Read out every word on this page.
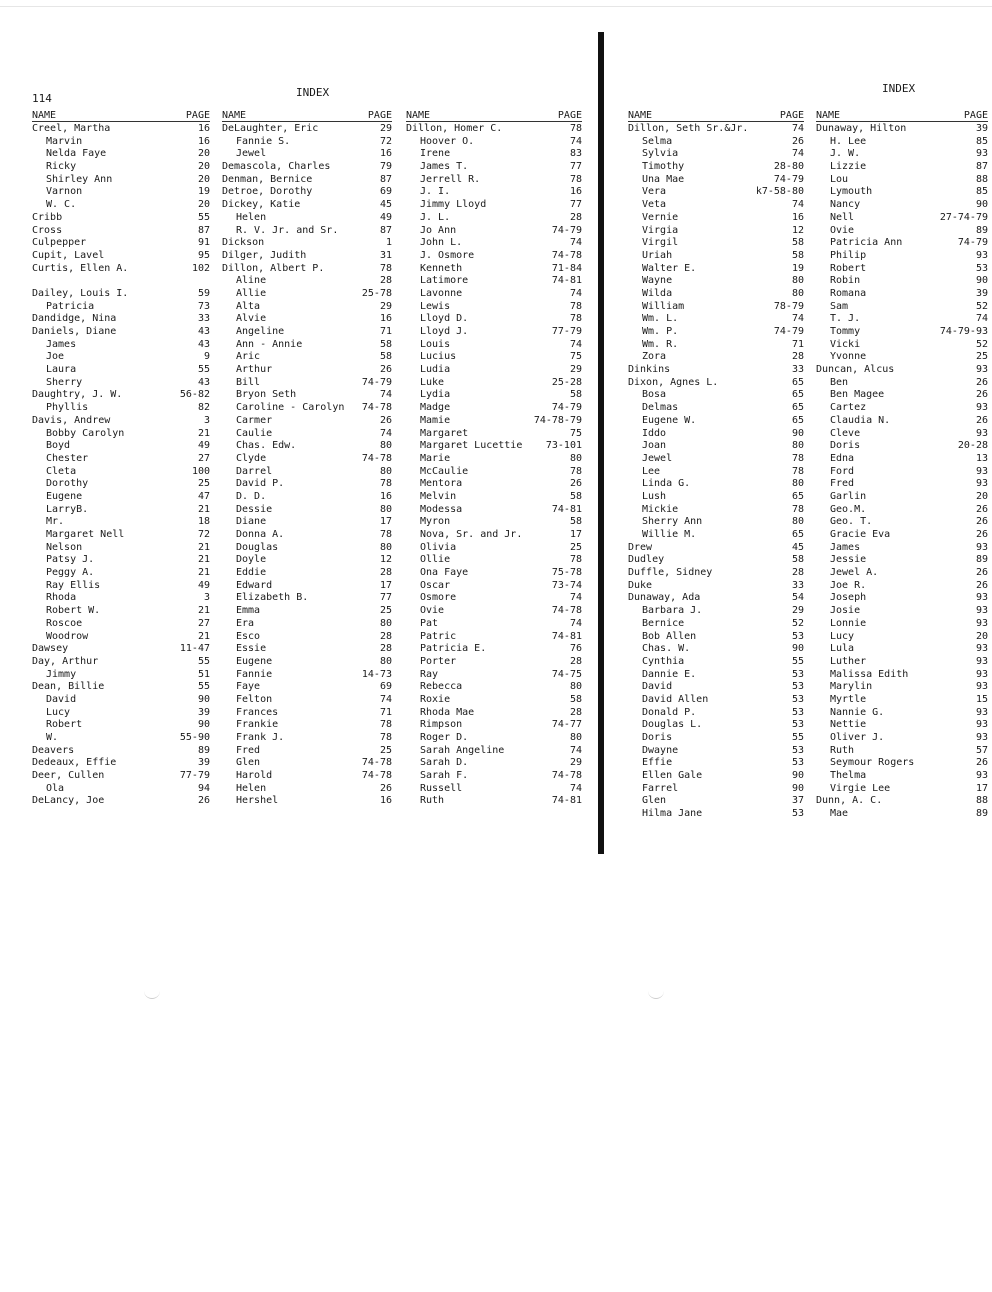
114	INDEX	INDEX
NAME	PAGE
Creel, Martha	16
Marvin	16
Nelda Faye	20
Ricky	20
Shirley Ann	20
Varnon	19
W. C.	20
Cribb	55
Cross	87
Culpepper	91
Cupit, Lavel	95
Curtis, Ellen A.	102
Dailey, Louis I.	59
Patricia	73
Dandidge, Nina	33
Daniels, Diane	43
James	43
Joe	9
Laura	55
Sherry	43
Daughtry, J. W.	56-82
Phyllis	82
Davis, Andrew	3
Bobby Carolyn	21
Boyd	49
Chester	27
Cleta	100
Dorothy	25
Eugene	47
LarryB.	21
Mr.	18
Margaret Nell	72
Nelson	21
Patsy J.	21
Peggy A.	21
Ray Ellis	49
Rhoda	3
Robert W.	21
Roscoe	27
Woodrow	21
Dawsey	11-47
Day, Arthur	55
Jimmy	51
Dean, Billie	55
David	90
Lucy	39
Robert	90
W.	55-90
Deavers	89
Dedeaux, Effie	39
Deer, Cullen	77-79
Ola	94
DeLancy, Joe	26
NAME	PAGE
DeLaughter, Eric	29
Fannie S.	72
Jewel	16
Demascola, Charles	79
Denman, Bernice	87
Detroe, Dorothy	69
Dickey, Katie	45
Helen	49
R. V. Jr. and Sr.	87
Dickson	1
Dilger, Judith	31
Dillon, Albert P.	78
Aline	28
Allie	25-78
Alta	29
Alvie	16
Angeline	71
Ann - Annie	58
Aric	58
Arthur	26
Bill	74-79
Bryon Seth	74
Caroline - Carolyn 74-78
Carmer	26
Caulie	74
Chas. Edw.	80
Clyde	74-78
Darrel	80
David P.	78
D. D.	16
Dessie	80
Diane	17
Donna A.	78
Douglas	80
Doyle	12
Eddie	28
Edward	17
Elizabeth B.	77
Emma	25
Era	80
Esco	28
Essie	28
Eugene	80
Fannie	14-73
Faye	69
Felton	74
Frances	71
Frankie	78
Frank J.	78
Fred	25
Glen	74-78
Harold	74-78
Helen	26
Hershel	16
NAME	PAGE
Dillon, Homer C.	78
Hoover O.	74
Irene	83
James T.	77
Jerrell R.	78
J. I.	16
Jimmy Lloyd	77
J. L.	28
Jo Ann	74-79
John L.	74
J. Osmore	74-78
Kenneth	71-84
Latimore	74-81
Lavonne	74
Lewis	78
Lloyd D.	78
Lloyd J.	77-79
Louis	74
Lucius	75
Ludia	29
Luke	25-28
Lydia	58
Madge	74-79
Mamie	74-78-79
Margaret	75
Margaret Lucettie 73-101
Marie	80
McCaulie	78
Mentora	26
Melvin	58
Modessa	74-81
Myron	58
Nova, Sr. and Jr.	17
Olivia	25
Ollie	78
Ona Faye	75-78
Oscar	73-74
Osmore	74
Ovie	74-78
Pat	74
Patric	74-81
Patricia E.	76
Porter	28
Ray	74-75
Rebecca	80
Roxie	58
Rhoda Mae	28
Rimpson	74-77
Roger D.	80
Sarah Angeline	74
Sarah D.	29
Sarah F.	74-78
Russell	74
Ruth	74-81
NAME	PAGE
Dillon, Seth Sr.&Jr.	74
Selma	26
Sylvia	74
Timothy	28-80
Una Mae	74-79
Vera	k7-58-80
Veta	74
Vernie	16
Virgia	12
Virgil	58
Uriah	58
Walter E.	19
Wayne	80
Wilda	80
William	78-79
Wm. L.	74
Wm. P.	74-79
Wm. R.	71
Zora	28
Dinkins	33
Dixon, Agnes L.	65
Bosa	65
Delmas	65
Eugene W.	65
Iddo	90
Joan	80
Jewel	78
Lee	78
Linda G.	80
Lush	65
Mickie	78
Sherry Ann	80
Willie M.	65
Drew	45
Dudley	58
Duffle, Sidney	28
Duke	33
Dunaway, Ada	54
Barbara J.	29
Bernice	52
Bob Allen	53
Chas. W.	90
Cynthia	55
Dannie E.	53
David	53
David Allen	53
Donald P.	53
Douglas L.	53
Doris	55
Dwayne	53
Effie	53
Ellen Gale	90
Farrel	90
Glen	37
Hilma Jane	53
NAME	PAGE
Dunaway, Hilton	39
H. Lee	85
J. W.	93
Lizzie	87
Lou	88
Lymouth	85
Nancy	90
Nell	27-74-79
Ovie	89
Patricia Ann	74-79
Philip	93
Robert	53
Robin	90
Romana	39
Sam	52
T. J.	74
Tommy	74-79-93
Vicki	52
Yvonne	25
Duncan, Alcus	93
Ben	26
Ben Magee	26
Cartez	93
Claudia N.	26
Cleve	93
Doris	20-28
Edna	13
Ford	93
Fred	93
Garlin	20
Geo.M.	26
Geo. T.	26
Gracie Eva	26
James	93
Jessie	89
Jewel A.	26
Joe R.	26
Joseph	93
Josie	93
Lonnie	93
Lucy	20
Lula	93
Luther	93
Malissa Edith	93
Marylin	93
Myrtle	15
Nannie G.	93
Nettie	93
Oliver J.	93
Ruth	57
Seymour Rogers	26
Thelma	93
Virgie Lee	17
Dunn, A. C.	88
Mae	89
